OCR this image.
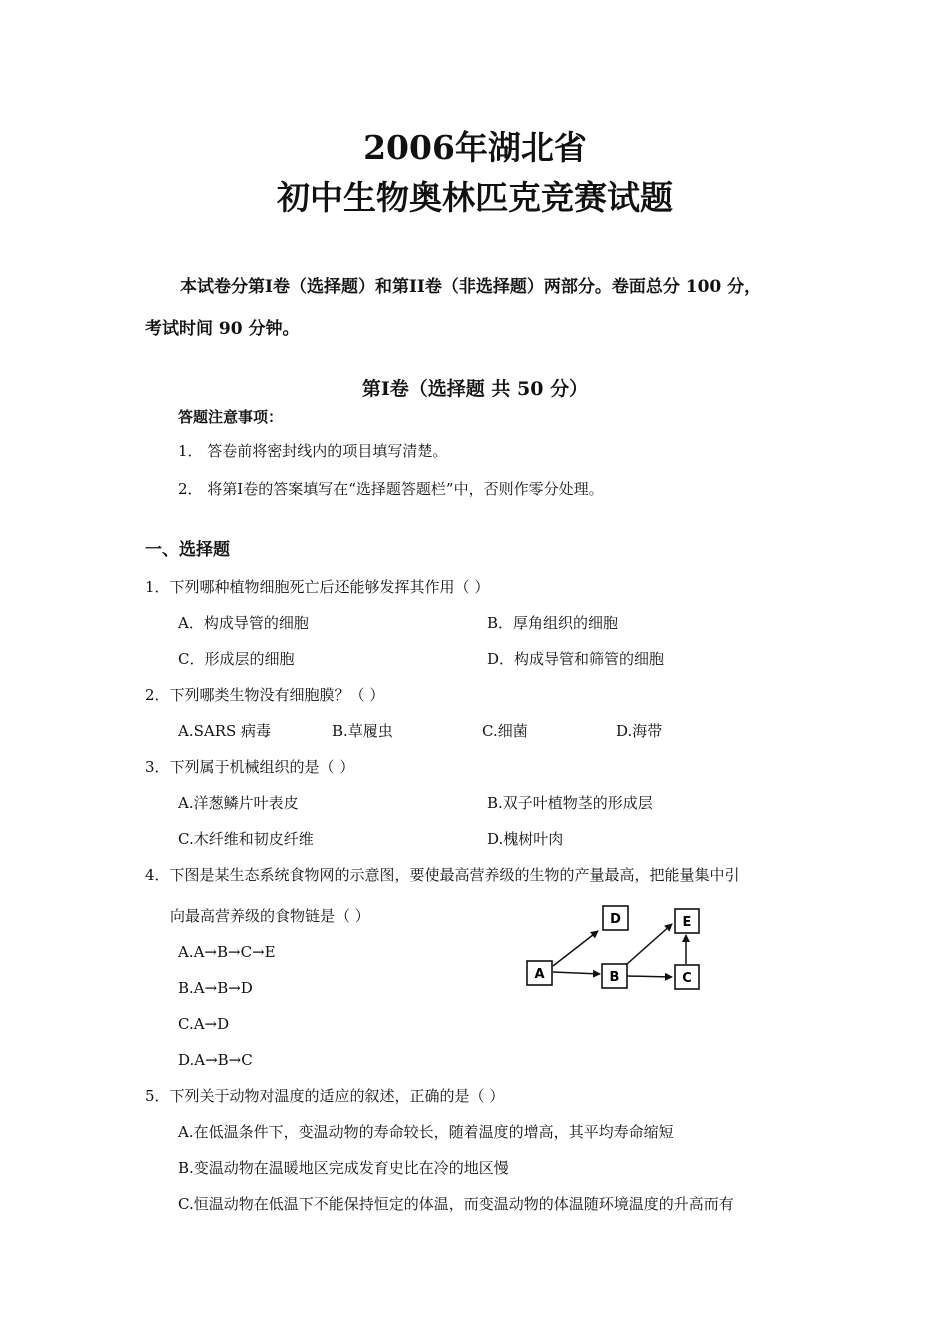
2006年湖北省
初中生物奥林匹克竞赛试题
本试卷分第I卷（选择题）和第II卷（非选择题）两部分。卷面总分 100 分，
考试时间 90 分钟。
第I卷（选择题 共 50 分）
答题注意事项：
1． 答卷前将密封线内的项目填写清楚。
2． 将第I卷的答案填写在“选择题答题栏”中，否则作零分处理。
一、选择题
1．下列哪种植物细胞死亡后还能够发挥其作用（ ）
A．构成导管的细胞	B．厚角组织的细胞
C．形成层的细胞	D．构成导管和筛管的细胞
2．下列哪类生物没有细胞膜？（ ）
A.SARS 病毒	B.草履虫	C.细菌	D.海带
3．下列属于机械组织的是（ ）
A.洋葱鳞片叶表皮	B.双子叶植物茎的形成层
C.木纤维和韧皮纤维	D.槐树叶肉
4．下图是某生态系统食物网的示意图，要使最高营养级的生物的产量最高，把能量集中引
向最高营养级的食物链是（ ）
A.A→B→C→E
B.A→B→D
C.A→D
D.A→B→C
A
D
B
E
C
5．下列关于动物对温度的适应的叙述，正确的是（ ）
A.在低温条件下，变温动物的寿命较长，随着温度的增高，其平均寿命缩短
B.变温动物在温暖地区完成发育史比在冷的地区慢
C.恒温动物在低温下不能保持恒定的体温，而变温动物的体温随环境温度的升高而有
